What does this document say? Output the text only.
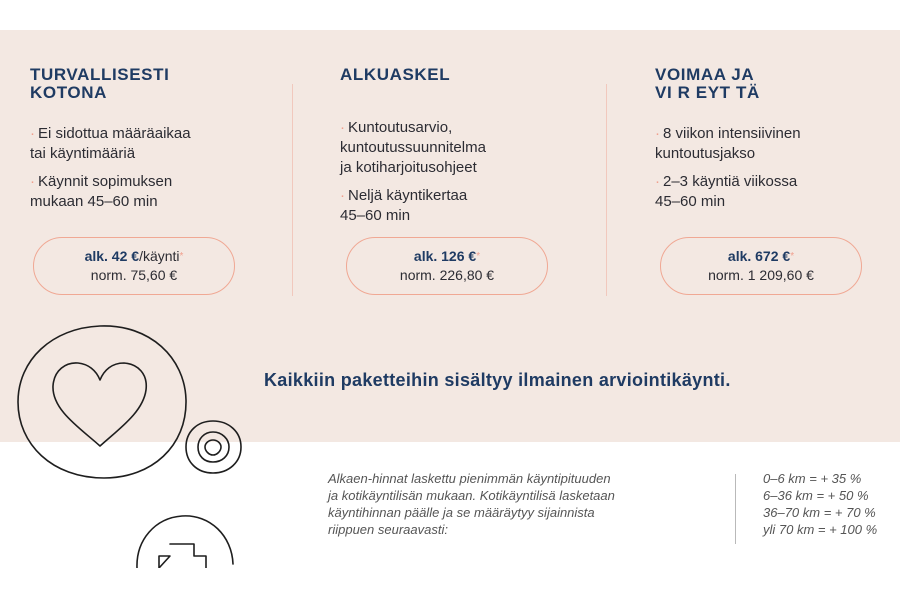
TURVALLISESTI
KOTONA
· Ei sidottua määräaikaa
tai käyntimääriä
· Käynnit sopimuksen
mukaan 45–60 min
ALKUASKEL
· Kuntoutusarvio,
kuntoutussuunnitelma
ja kotiharjoitusohjeet
· Neljä käyntikertaa
45–60 min
VOIMAA JA
VI R EYT TÄ
· 8 viikon intensiivinen
kuntoutusjakso
· 2–3 käyntiä viikossa
45–60 min
alk. 42 €/käynti*
norm. 75,60 €
alk. 126 €*
norm. 226,80 €
alk. 672 €*
norm. 1 209,60 €
Kaikkiin paketteihin sisältyy ilmainen arviointikäynti.
Alkaen-hinnat laskettu pienimmän käyntipituuden
ja kotikäyntilisän mukaan. Kotikäyntilisä lasketaan
käyntihinnan päälle ja se määräytyy sijainnista
riippuen seuraavasti:
0–6 km = + 35 %
6–36 km = + 50 %
36–70 km = + 70 %
yli 70 km = + 100 %
